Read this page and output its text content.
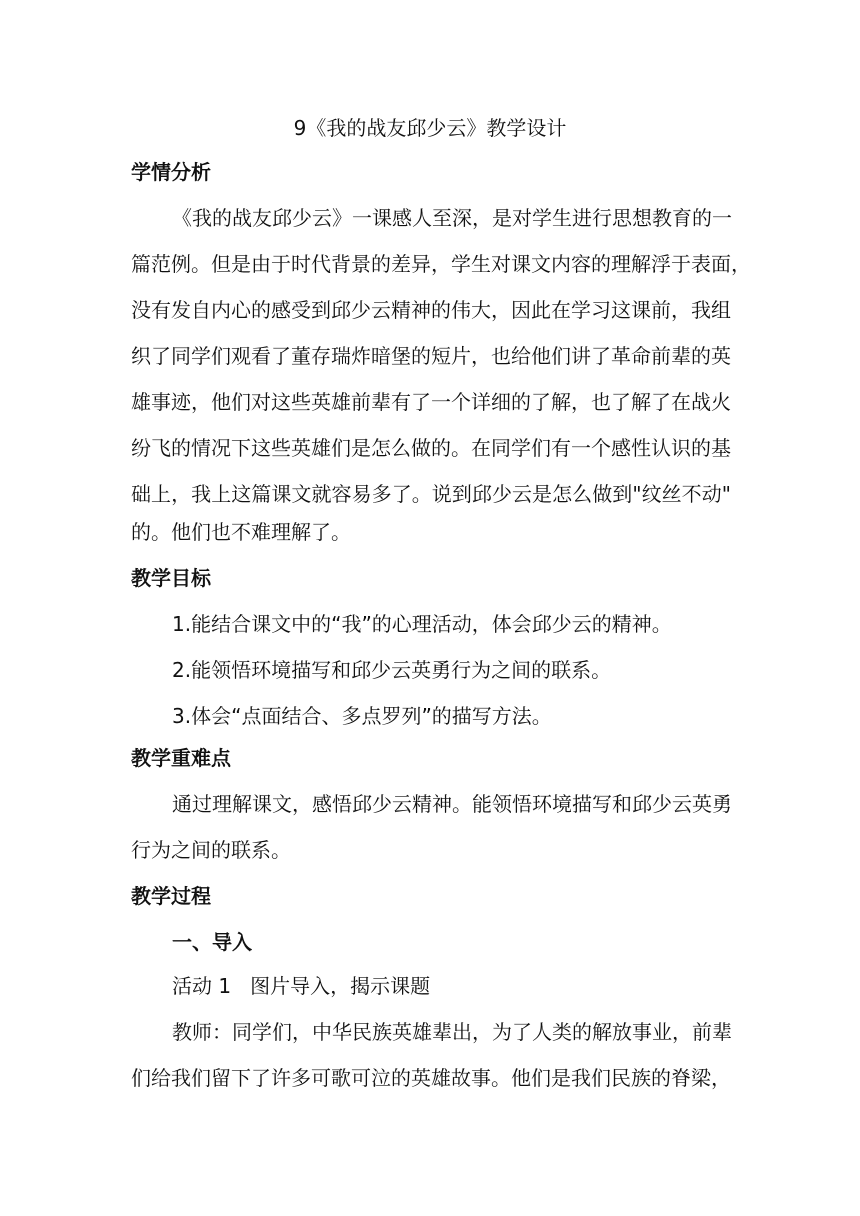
9《我的战友邱少云》教学设计
学情分析
《我的战友邱少云》一课感人至深，是对学生进行思想教育的一
篇范例。但是由于时代背景的差异，学生对课文内容的理解浮于表面，
没有发自内心的感受到邱少云精神的伟大，因此在学习这课前，我组
织了同学们观看了董存瑞炸暗堡的短片，也给他们讲了革命前辈的英
雄事迹，他们对这些英雄前辈有了一个详细的了解，也了解了在战火
纷飞的情况下这些英雄们是怎么做的。在同学们有一个感性认识的基
础上，我上这篇课文就容易多了。说到邱少云是怎么做到"纹丝不动"
的。他们也不难理解了。
教学目标
1.能结合课文中的“我”的心理活动，体会邱少云的精神。
2.能领悟环境描写和邱少云英勇行为之间的联系。
3.体会“点面结合、多点罗列”的描写方法。
教学重难点
通过理解课文，感悟邱少云精神。能领悟环境描写和邱少云英勇
行为之间的联系。
教学过程
一、导入
活动 1   图片导入，揭示课题
教师：同学们，中华民族英雄辈出，为了人类的解放事业，前辈
们给我们留下了许多可歌可泣的英雄故事。他们是我们民族的脊梁，
